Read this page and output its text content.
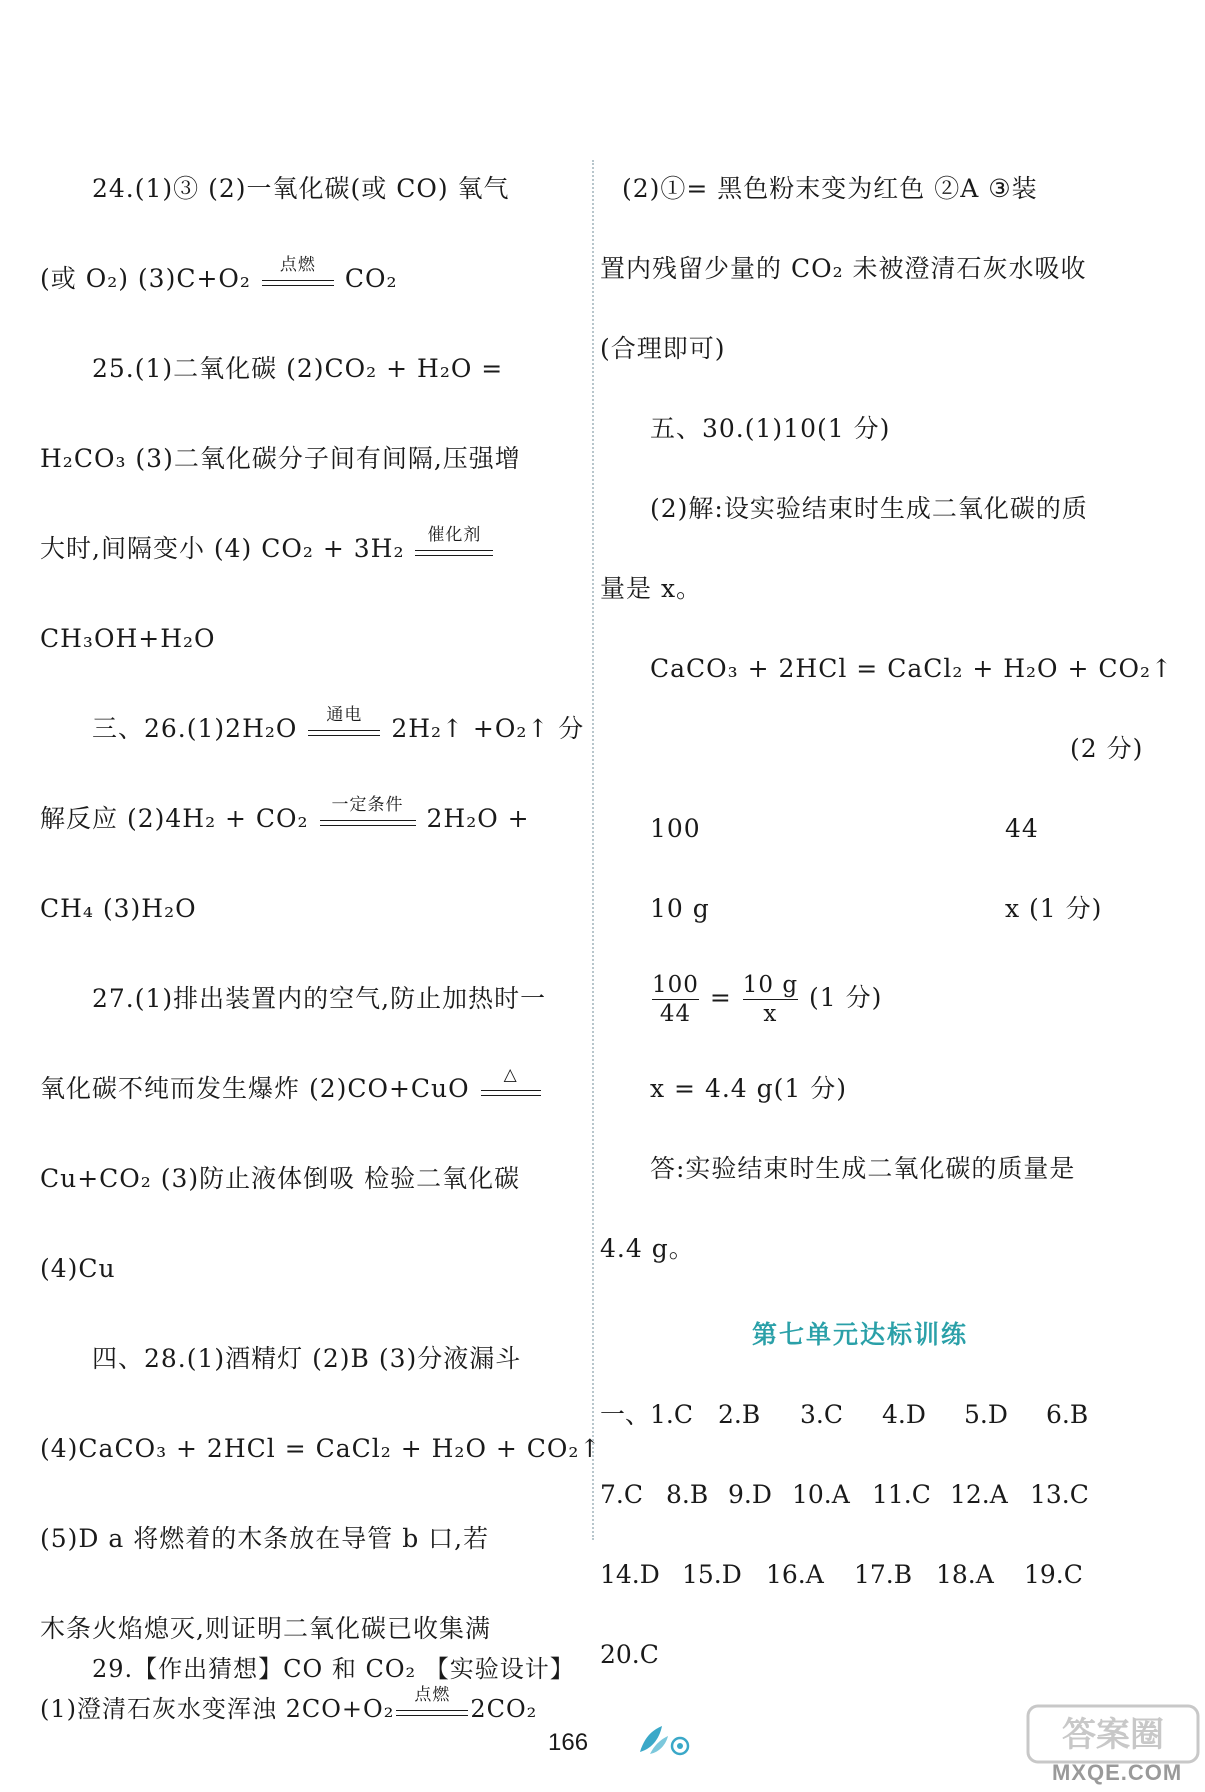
24.(1)③ (2)一氧化碳(或 CO) 氧气
(或 O₂) (3)C+O₂	点燃	CO₂
25.(1)二氧化碳 (2)CO₂ + H₂O =
H₂CO₃ (3)二氧化碳分子间有间隔,压强增
大时,间隔变小 (4) CO₂ + 3H₂	催化剂
CH₃OH+H₂O
三、26.(1)2H₂O	通电	2H₂↑ +O₂↑ 分
解反应 (2)4H₂ + CO₂	一定条件 2H₂O +
CH₄ (3)H₂O
27.(1)排出装置内的空气,防止加热时一
氧化碳不纯而发生爆炸 (2)CO+CuO	△
Cu+CO₂ (3)防止液体倒吸 检验二氧化碳
(4)Cu
四、28.(1)酒精灯 (2)B (3)分液漏斗
(4)CaCO₃ + 2HCl = CaCl₂ + H₂O + CO₂↑
(5)D a 将燃着的木条放在导管 b 口,若
木条火焰熄灭,则证明二氧化碳已收集满
(2)①= 黑色粉末变为红色 ②A ③装
置内残留少量的 CO₂ 未被澄清石灰水吸收
(合理即可)
五、30.(1)10(1 分)
(2)解:设实验结束时生成二氧化碳的质
量是 x。
CaCO₃ + 2HCl = CaCl₂ + H₂O + CO₂↑
(2 分)
100	44
10 g	x (1 分)
$\frac{100}{44} = \frac{10 g}{x} (1$ 分)
x = 4.4 g(1 分)
答:实验结束时生成二氧化碳的质量是
4.4 g。
第七单元达标训练
一、1.C 2.B 3.C 4.D 5.D 6.B
7.C 8.B 9.D 10.A 11.C 12.A 13.C
14.D 15.D 16.A 17.B 18.A 19.C
20.C
29.【作出猜想】CO 和 CO₂ 【实验设计】
166	答案圈
MXQE.COM
(1)澄清石灰水变浑浊 2CO+O₂
点燃
2CO₂
